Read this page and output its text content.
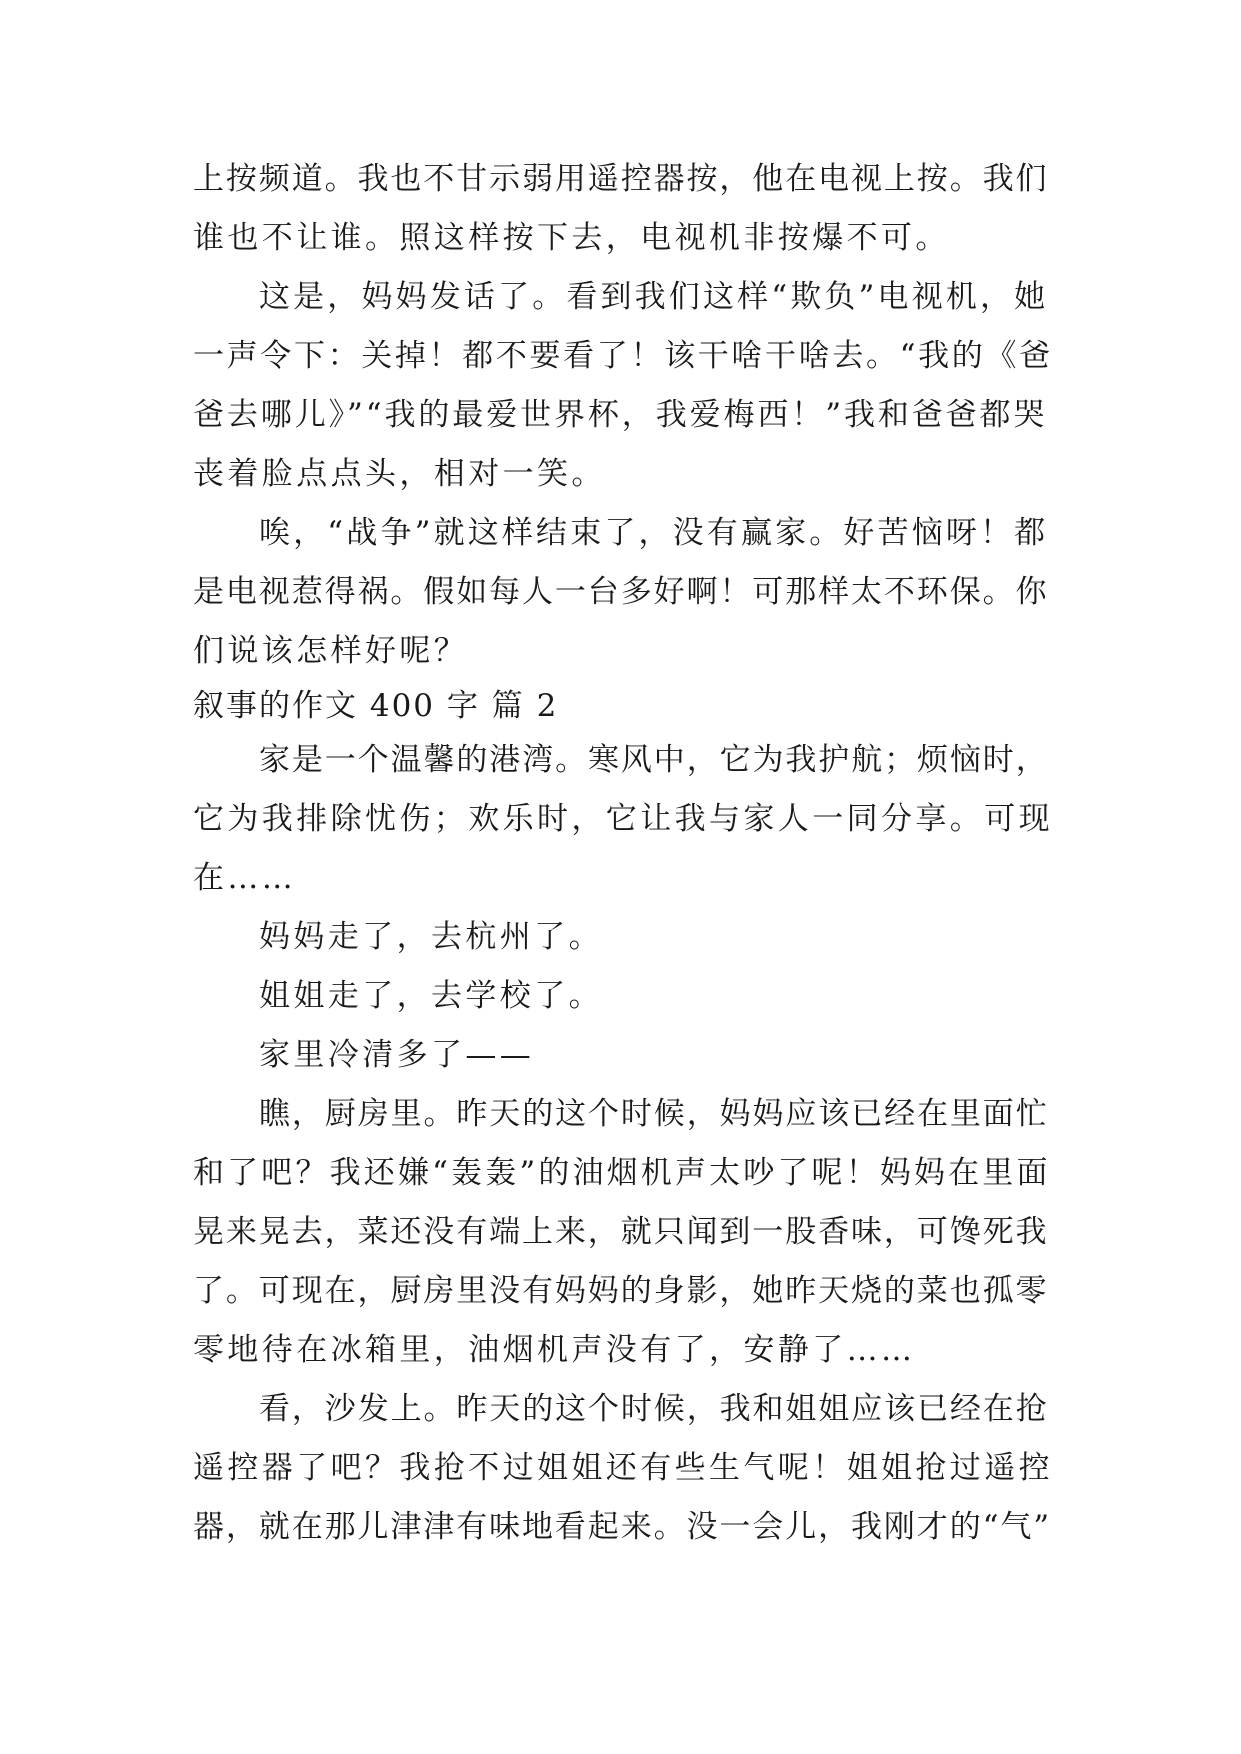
上按频道。我也不甘示弱用遥控器按，他在电视上按。我们
谁也不让谁。照这样按下去，电视机非按爆不可。
这是，妈妈发话了。看到我们这样“欺负”电视机，她
一声令下：关掉！都不要看了！该干啥干啥去。“我的《爸
爸去哪儿》”“我的最爱世界杯，我爱梅西！”我和爸爸都哭
丧着脸点点头，相对一笑。
唉，“战争”就这样结束了，没有赢家。好苦恼呀！都
是电视惹得祸。假如每人一台多好啊！可那样太不环保。你
们说该怎样好呢？
叙事的作文 400 字 篇 2
家是一个温馨的港湾。寒风中，它为我护航；烦恼时，
它为我排除忧伤；欢乐时，它让我与家人一同分享。可现
在……
妈妈走了，去杭州了。
姐姐走了，去学校了。
家里冷清多了——
瞧，厨房里。昨天的这个时候，妈妈应该已经在里面忙
和了吧？我还嫌“轰轰”的油烟机声太吵了呢！妈妈在里面
晃来晃去，菜还没有端上来，就只闻到一股香味，可馋死我
了。可现在，厨房里没有妈妈的身影，她昨天烧的菜也孤零
零地待在冰箱里，油烟机声没有了，安静了……
看，沙发上。昨天的这个时候，我和姐姐应该已经在抢
遥控器了吧？我抢不过姐姐还有些生气呢！姐姐抢过遥控
器，就在那儿津津有味地看起来。没一会儿，我刚才的“气”
